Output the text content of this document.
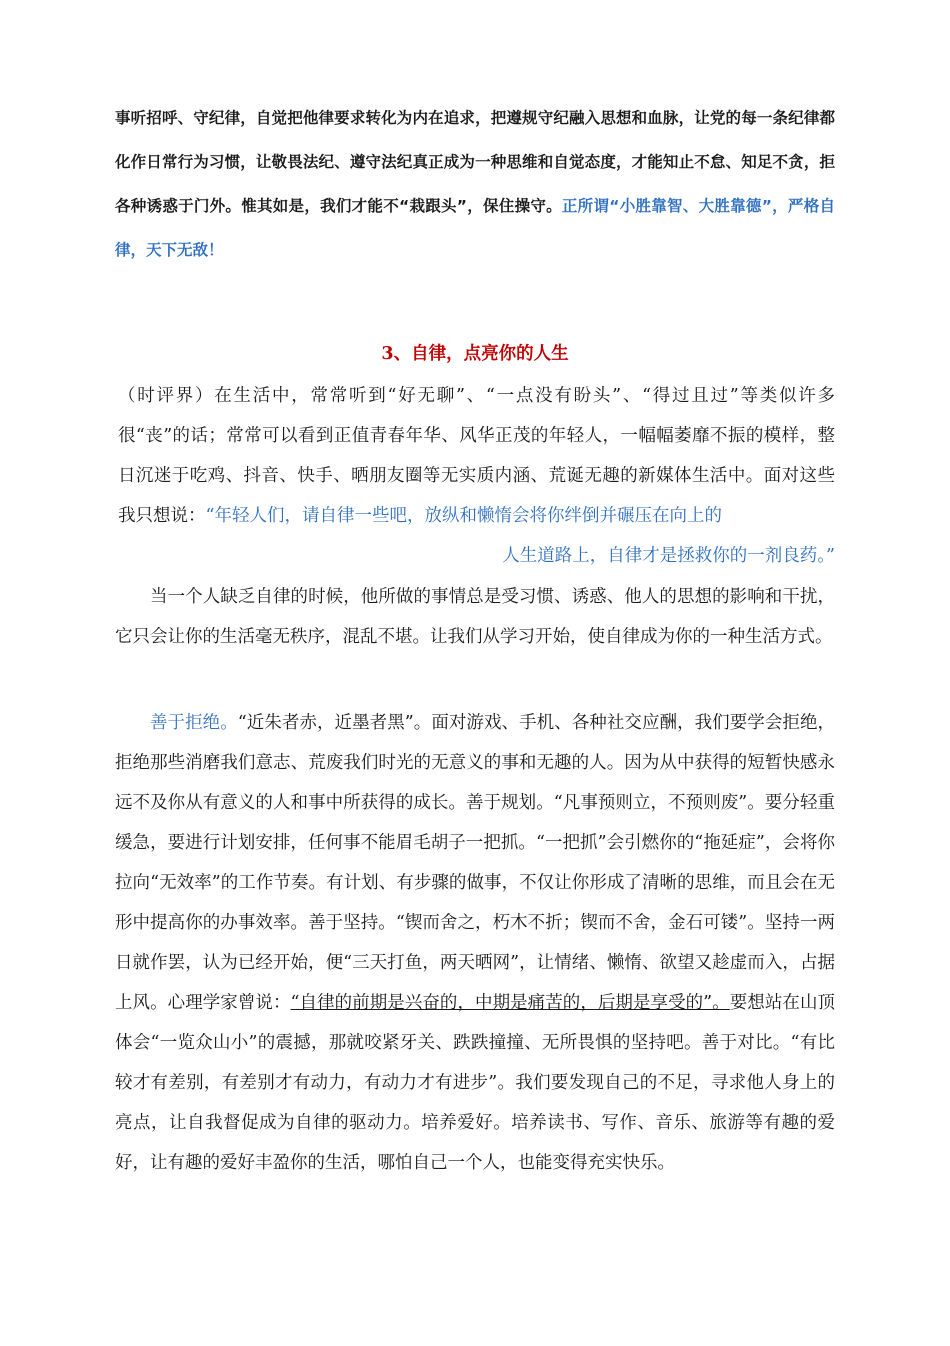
事听招呼、守纪律，自觉把他律要求转化为内在追求，把遵规守纪融入思想和血脉，让党的每一条纪律都化作日常行为习惯，让敬畏法纪、遵守法纪真正成为一种思维和自觉态度，才能知止不怠、知足不贪，拒各种诱惑于门外。惟其如是，我们才能不“栽跟头”，保住操守。正所谓“小胜靠智、大胜靠德”，严格自律，天下无敌！

3、自律，点亮你的人生
（时评界）在生活中，常常听到“好无聊”、“一点没有盼头”、“得过且过”等类似许多很“丧”的话；常常可以看到正值青春年华、风华正茂的年轻人，一幅幅萎靡不振的模样，整日沉迷于吃鸡、抖音、快手、晒朋友圈等无实质内涵、荒诞无趣的新媒体生活中。面对这些我只想说：“年轻人们，请自律一些吧，放纵和懒惰会将你绊倒并碾压在向上的
人生道路上，自律才是拯救你的一剂良药。”

当一个人缺乏自律的时候，他所做的事情总是受习惯、诱惑、他人的思想的影响和干扰，它只会让你的生活毫无秩序，混乱不堪。让我们从学习开始，使自律成为你的一种生活方式。

善于拒绝。“近朱者赤，近墨者黑”。面对游戏、手机、各种社交应酬，我们要学会拒绝，拒绝那些消磨我们意志、荒废我们时光的无意义的事和无趣的人。因为从中获得的短暂快感永远不及你从有意义的人和事中所获得的成长。善于规划。“凡事预则立，不预则废”。要分轻重缓急，要进行计划安排，任何事不能眉毛胡子一把抓。“一把抓”会引燃你的“拖延症”，会将你拉向“无效率”的工作节奏。有计划、有步骤的做事，不仅让你形成了清晰的思维，而且会在无形中提高你的办事效率。善于坚持。“锲而舍之，朽木不折；锲而不舍，金石可镂”。坚持一两日就作罢，认为已经开始，便“三天打鱼，两天晒网”，让情绪、懒惰、欲望又趁虚而入，占据上风。心理学家曾说：“自律的前期是兴奋的，中期是痛苦的，后期是享受的”。要想站在山顶体会“一览众山小”的震撼，那就咬紧牙关、跌跌撞撞、无所畏惧的坚持吧。善于对比。“有比较才有差别，有差别才有动力，有动力才有进步”。我们要发现自己的不足，寻求他人身上的亮点，让自我督促成为自律的驱动力。培养爱好。培养读书、写作、音乐、旅游等有趣的爱好，让有趣的爱好丰盈你的生活，哪怕自己一个人，也能变得充实快乐。
